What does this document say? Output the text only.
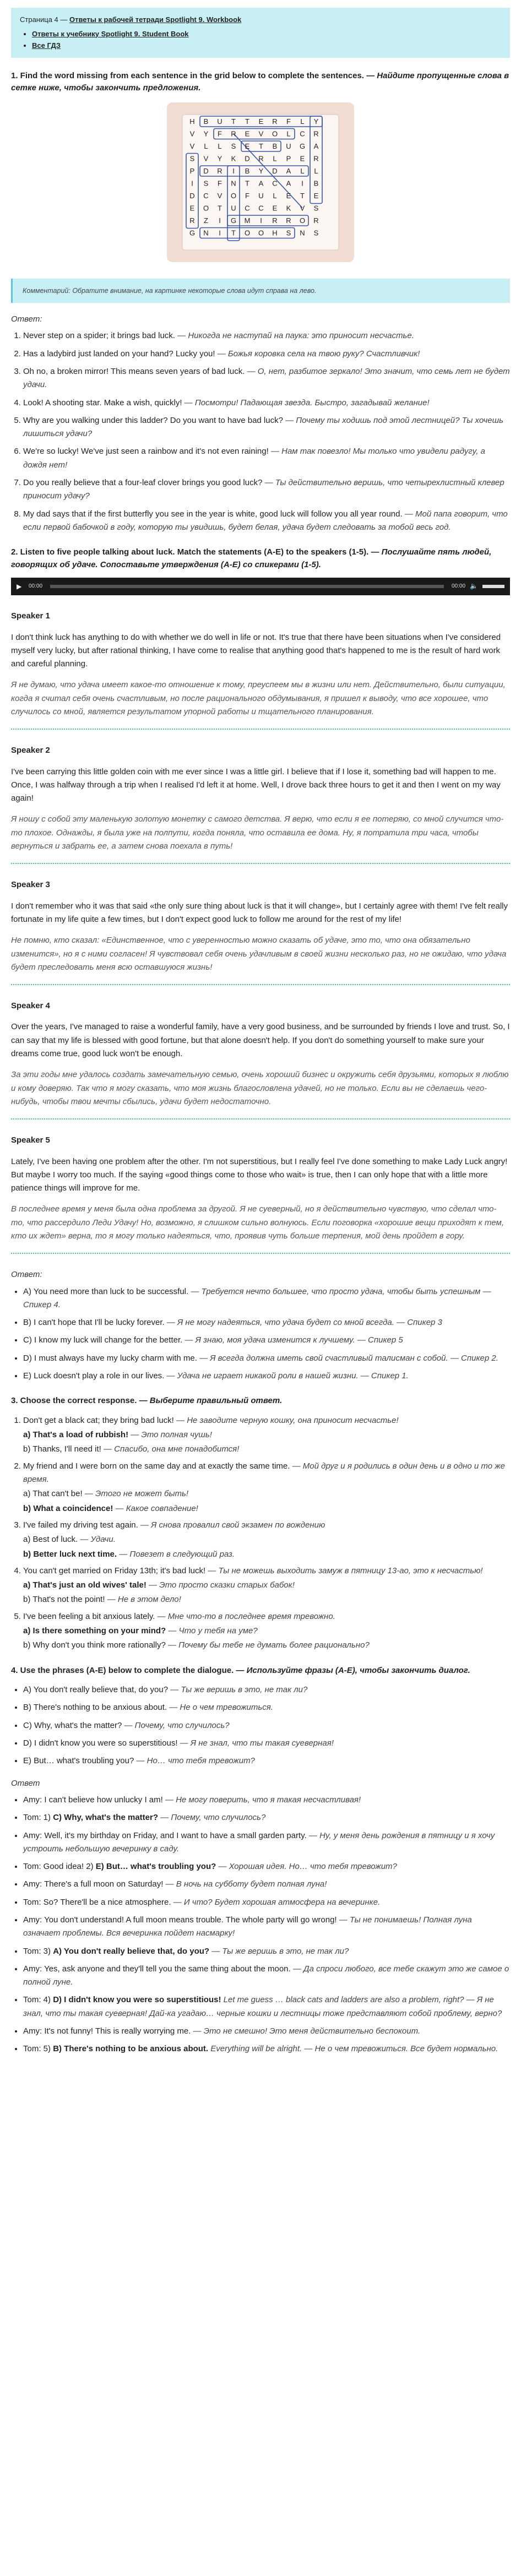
Страница 4 — Ответы к рабочей тетради Spotlight 9. Workbook
• Ответы к учебнику Spotlight 9. Student Book
• Все ГДЗ
1. Find the word missing from each sentence in the grid below to complete the sentences. — Найдите пропущенные слова в сетке ниже, чтобы закончить предложения.
H B U T T E R F L Y
V Y F R E V O L C R
V L L S E T B U G A
S V Y K D R L P E R
P D R I B Y D A L L
I S F N T A C A I B
D C V O F U L E T E
E O T U C C E K V S
R Z I G M I R R O R
G N I T O O H S N S
Комментарий: Обратите внимание, на картинке некоторые слова идут справа на лево.
Ответ:
1. Never step on a spider; it brings bad luck. — Никогда не наступай на паука: это приносит несчастье.
2. Has a ladybird just landed on your hand? Lucky you! — Божья коровка села на твою руку? Счастливчик!
3. Oh no, a broken mirror! This means seven years of bad luck. — О, нет, разбитое зеркало! Это значит, что семь лет не будет удачи.
4. Look! A shooting star. Make a wish, quickly! — Посмотри! Падающая звезда. Быстро, загадывай желание!
5. Why are you walking under this ladder? Do you want to have bad luck? — Почему ты ходишь под этой лестницей? Ты хочешь лишиться удачи?
6. We're so lucky! We've just seen a rainbow and it's not even raining! — Нам так повезло! Мы только что увидели радугу, а дождя нет!
7. Do you really believe that a four-leaf clover brings you good luck? — Ты действительно веришь, что четырехлистный клевер приносит удачу?
8. My dad says that if the first butterfly you see in the year is white, good luck will follow you all year round. — Мой папа говорит, что если первой бабочкой в году, которую ты увидишь, будет белая, удача будет следовать за тобой весь год.
2. Listen to five people talking about luck. Match the statements (A-E) to the speakers (1-5). — Послушайте пять людей, говорящих об удаче. Сопоставьте утверждения (A-E) со спикерами (1-5).
▶	00:00	00:00 🔈
Speaker 1

I don't think luck has anything to do with whether we do well in life or not. It's true that there have been situations when I've considered myself very lucky, but after rational thinking, I have come to realise that anything good that's happened to me is the result of hard work and careful planning.

Я не думаю, что удача имеет какое-то отношение к тому, преуспеем мы в жизни или нет. Действительно, были ситуации, когда я считал себя очень счастливым, но после рационального обдумывания, я пришел к выводу, что все хорошее, что случилось со мной, является результатом упорной работы и тщательного планирования.

Speaker 2

I've been carrying this little golden coin with me ever since I was a little girl. I believe that if I lose it, something bad will happen to me. Once, I was halfway through a trip when I realised I'd left it at home. Well, I drove back three hours to get it and then I went on my way again!

Я ношу с собой эту маленькую золотую монетку с самого детства. Я верю, что если я ее потеряю, со мной случится что-то плохое. Однажды, я была уже на полпути, когда поняла, что оставила ее дома. Ну, я потратила три часа, чтобы вернуться и забрать ее, а затем снова поехала в путь!

Speaker 3

I don't remember who it was that said «the only sure thing about luck is that it will change», but I certainly agree with them! I've felt really fortunate in my life quite a few times, but I don't expect good luck to follow me around for the rest of my life!

Не помню, кто сказал: «Единственное, что с уверенностью можно сказать об удаче, это то, что она обязательно изменится», но я с ними согласен! Я чувствовал себя очень удачливым в своей жизни несколько раз, но не ожидаю, что удача будет преследовать меня всю оставшуюся жизнь!

Speaker 4

Over the years, I've managed to raise a wonderful family, have a very good business, and be surrounded by friends I love and trust. So, I can say that my life is blessed with good fortune, but that alone doesn't help. If you don't do something yourself to make sure your dreams come true, good luck won't be enough.

За эти годы мне удалось создать замечательную семью, очень хороший бизнес и окружить себя друзьями, которых я люблю и кому доверяю. Так что я могу сказать, что моя жизнь благословлена удачей, но не только. Если вы не сделаешь чего-нибудь, чтобы твои мечты сбылись, удачи будет недостаточно.

Speaker 5

Lately, I've been having one problem after the other. I'm not superstitious, but I really feel I've done something to make Lady Luck angry! But maybe I worry too much. If the saying «good things come to those who wait» is true, then I can only hope that with a little more patience things will improve for me.

В последнее время у меня была одна проблема за другой. Я не суеверный, но я действительно чувствую, что сделал что-то, что рассердило Леди Удачу! Но, возможно, я слишком сильно волнуюсь. Если поговорка «хорошие вещи приходят к тем, кто их ждет» верна, то я могу только надеяться, что, проявив чуть больше терпения, мой день пройдет в гору.

Ответ:
• A) You need more than luck to be successful. — Требуется нечто большее, что просто удача, чтобы быть успешным — Спикер 4.
• B) I can't hope that I'll be lucky forever. — Я не могу надеяться, что удача будет со мной всегда. — Спикер 3
• C) I know my luck will change for the better. — Я знаю, моя удача изменится к лучшему. — Спикер 5
• D) I must always have my lucky charm with me. — Я всегда должна иметь свой счастливый талисман с собой. — Спикер 2.
• E) Luck doesn't play a role in our lives. — Удача не играет никакой роли в нашей жизни. — Спикер 1.
3. Choose the correct response. — Выберите правильный ответ.
1. Don't get a black cat; they bring bad luck! — Не заводите черную кошку, она приносит несчастье!
a) That's a load of rubbish! — Это полная чушь!
b) Thanks, I'll need it! — Спасибо, она мне понадобится!
2. My friend and I were born on the same day and at exactly the same time. — Мой друг и я родились в один день и в одно и то же время.
a) That can't be! — Этого не может быть!
b) What a coincidence! — Какое совпадение!
3. I've failed my driving test again. — Я снова провалил свой экзамен по вождению
a) Best of luck. — Удачи.
b) Better luck next time. — Повезет в следующий раз.
4. You can't get married on Friday 13th; it's bad luck! — Ты не можешь выходить замуж в пятницу 13-ао, это к несчастью!
a) That's just an old wives' tale! — Это просто сказки старых бабок!
b) That's not the point! — Не в этом дело!
5. I've been feeling a bit anxious lately. — Мне что-то в последнее время тревожно.
a) Is there something on your mind? — Что у тебя на уме?
b) Why don't you think more rationally? — Почему бы тебе не думать более рационально?
4. Use the phrases (A-E) below to complete the dialogue. — Используйте фразы (A-E), чтобы закончить диалог.
• A) You don't really believe that, do you? — Ты же веришь в это, не так ли?
• B) There's nothing to be anxious about. — Не о чем тревожиться.
• C) Why, what's the matter? — Почему, что случилось?
• D) I didn't know you were so superstitious! — Я не знал, что ты такая суеверная!
• E) But… what's troubling you? — Но… что тебя тревожит?
Ответ
• Amy: I can't believe how unlucky I am! — Не могу поверить, что я такая несчастливая!
• Tom: 1) C) Why, what's the matter? — Почему, что случилось?
• Amy: Well, it's my birthday on Friday, and I want to have a small garden party. — Ну, у меня день рождения в пятницу и я хочу устроить небольшую вечеринку в саду.
• Tom: Good idea! 2) E) But… what's troubling you? — Хорошая идея. Но… что тебя тревожит?
• Amy: There's a full moon on Saturday! — В ночь на субботу будет полная луна!
• Tom: So? There'll be a nice atmosphere. — И что? Будет хорошая атмосфера на вечеринке.
• Amy: You don't understand! A full moon means trouble. The whole party will go wrong! — Ты не понимаешь! Полная луна означает проблемы. Вся вечеринка пойдет насмарку!
• Tom: 3) A) You don't really believe that, do you? — Ты же веришь в это, не так ли?
• Amy: Yes, ask anyone and they'll tell you the same thing about the moon. — Да спроси любого, все тебе скажут это же самое о полной луне.
• Tom: 4) D) I didn't know you were so superstitious! Let me guess … black cats and ladders are also a problem, right? — Я не знал, что ты такая суеверная! Дай-ка угадаю… черные кошки и лестницы тоже представляют собой проблему, верно?
• Amy: It's not funny! This is really worrying me. — Это не смешно! Это меня действительно беспокоит.
• Tom: 5) B) There's nothing to be anxious about. Everything will be alright. — Не о чем тревожиться. Все будет нормально.
